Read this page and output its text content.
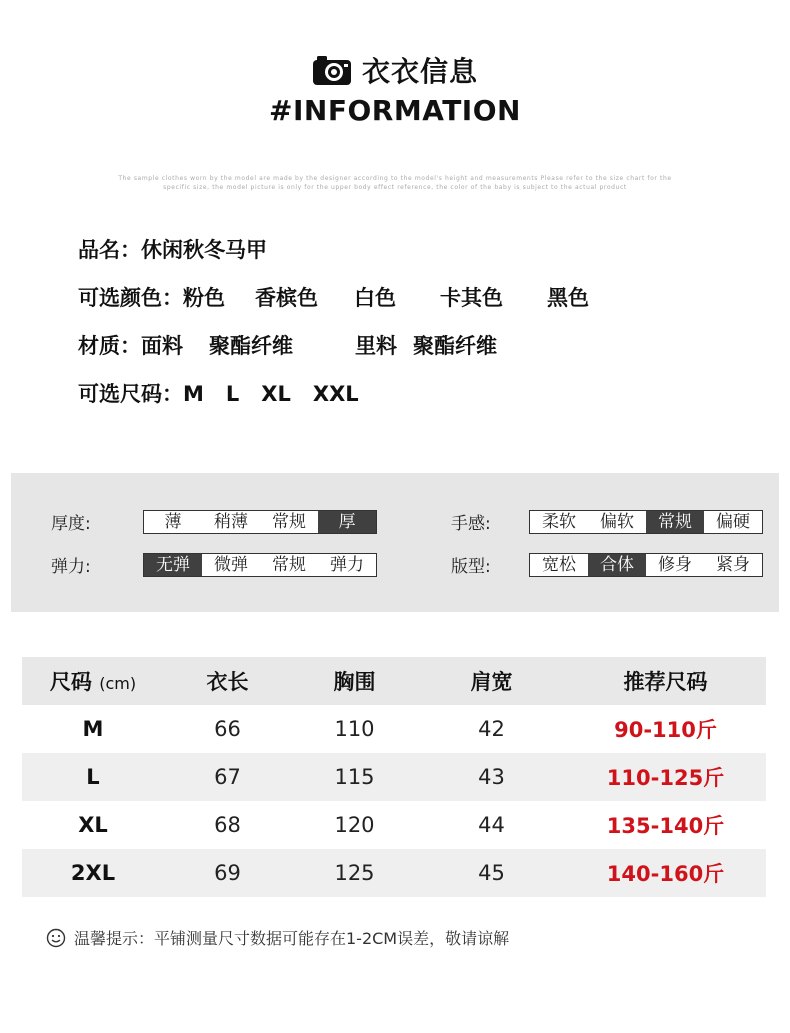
衣衣信息
#INFORMATION
The sample clothes worn by the model are made by the designer according to the model's height and measurements Please refer to the size chart for the
specific size, the model picture is only for the upper body effect reference, the color of the baby is subject to the actual product
品名：休闲秋冬马甲
可选颜色：粉色 香槟色 白色 卡其色 黑色
材质：面料 聚酯纤维	里料 聚酯纤维
可选尺码：M L XL XXL
厚度:	薄	稍薄	常规	厚	手感:	柔软	偏软	常规	偏硬
弹力:	无弹	微弹	常规	弹力	版型:	宽松	合体	修身	紧身
尺码 (cm)	衣长	胸围	肩宽	推荐尺码
M	66	110	42	90-110斤
L	67	115	43	110-125斤
XL	68	120	44	135-140斤
2XL	69	125	45	140-160斤
温馨提示：平铺测量尺寸数据可能存在1-2CM误差，敬请谅解
